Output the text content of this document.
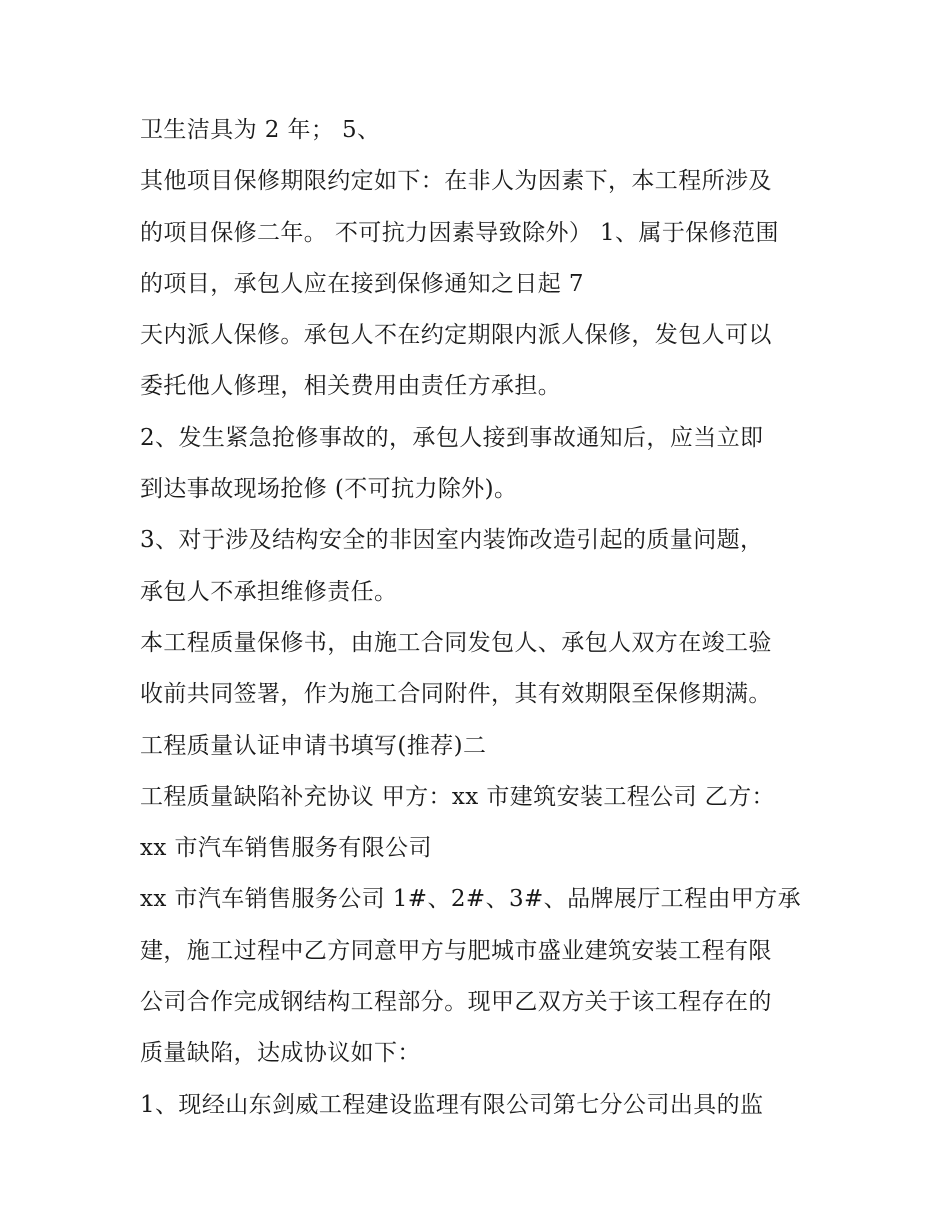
卫生洁具为 2 年； 5、
其他项目保修期限约定如下：在非人为因素下，本工程所涉及
的项目保修二年。 不可抗力因素导致除外） 1、属于保修范围
的项目，承包人应在接到保修通知之日起 7
天内派人保修。承包人不在约定期限内派人保修，发包人可以
委托他人修理，相关费用由责任方承担。
2、发生紧急抢修事故的，承包人接到事故通知后，应当立即
到达事故现场抢修 (不可抗力除外)。
3、对于涉及结构安全的非因室内装饰改造引起的质量问题，
承包人不承担维修责任。
本工程质量保修书，由施工合同发包人、承包人双方在竣工验
收前共同签署，作为施工合同附件，其有效期限至保修期满。
工程质量认证申请书填写(推荐)二
工程质量缺陷补充协议 甲方：xx 市建筑安装工程公司 乙方：
xx 市汽车销售服务有限公司
xx 市汽车销售服务公司 1#、2#、3#、品牌展厅工程由甲方承
建，施工过程中乙方同意甲方与肥城市盛业建筑安装工程有限
公司合作完成钢结构工程部分。现甲乙双方关于该工程存在的
质量缺陷，达成协议如下：
1、现经山东剑威工程建设监理有限公司第七分公司出具的监
